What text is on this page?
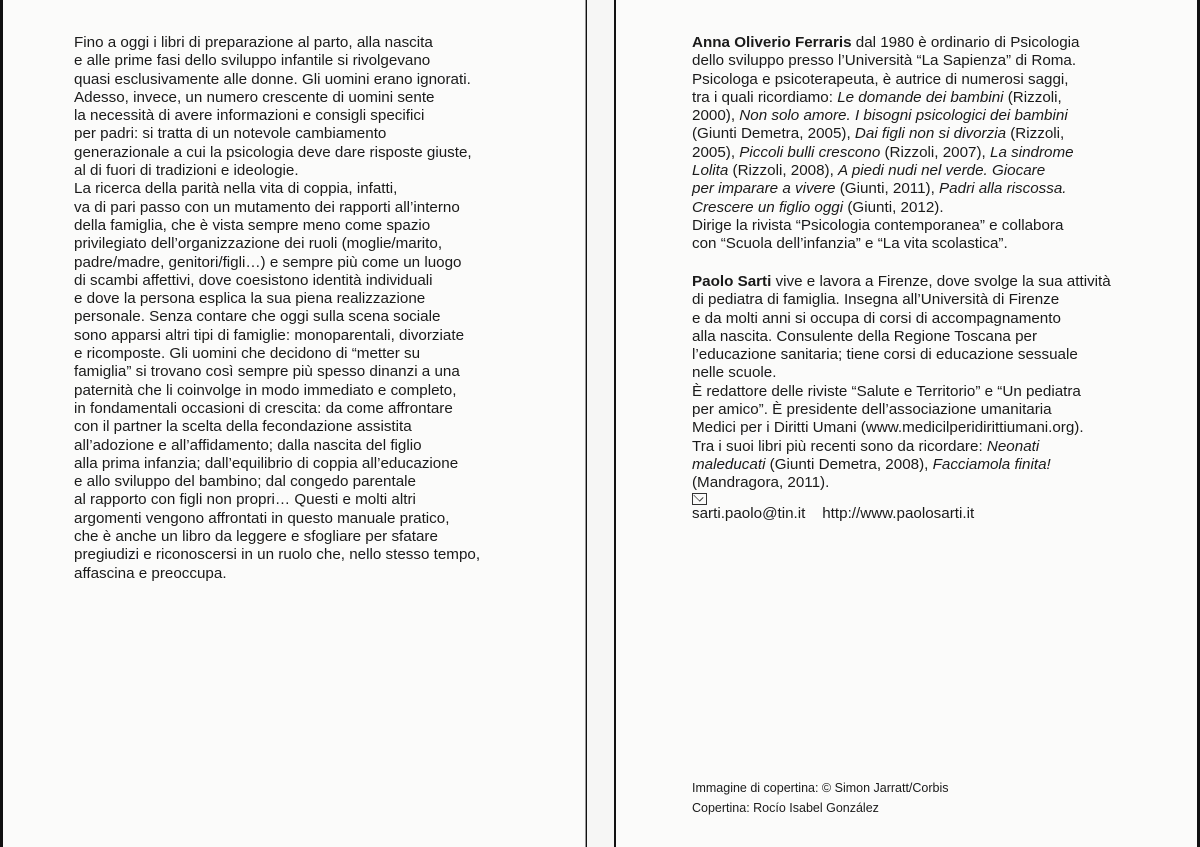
Fino a oggi i libri di preparazione al parto, alla nascita
e alle prime fasi dello sviluppo infantile si rivolgevano
quasi esclusivamente alle donne. Gli uomini erano ignorati.
Adesso, invece, un numero crescente di uomini sente
la necessità di avere informazioni e consigli specifici
per padri: si tratta di un notevole cambiamento
generazionale a cui la psicologia deve dare risposte giuste,
al di fuori di tradizioni e ideologie.
La ricerca della parità nella vita di coppia, infatti,
va di pari passo con un mutamento dei rapporti all’interno
della famiglia, che è vista sempre meno come spazio
privilegiato dell’organizzazione dei ruoli (moglie/marito,
padre/madre, genitori/figli…) e sempre più come un luogo
di scambi affettivi, dove coesistono identità individuali
e dove la persona esplica la sua piena realizzazione
personale. Senza contare che oggi sulla scena sociale
sono apparsi altri tipi di famiglie: monoparentali, divorziate
e ricomposte. Gli uomini che decidono di “metter su
famiglia” si trovano così sempre più spesso dinanzi a una
paternità che li coinvolge in modo immediato e completo,
in fondamentali occasioni di crescita: da come affrontare
con il partner la scelta della fecondazione assistita
all’adozione e all’affidamento; dalla nascita del figlio
alla prima infanzia; dall’equilibrio di coppia all’educazione
e allo sviluppo del bambino; dal congedo parentale
al rapporto con figli non propri… Questi e molti altri
argomenti vengono affrontati in questo manuale pratico,
che è anche un libro da leggere e sfogliare per sfatare
pregiudizi e riconoscersi in un ruolo che, nello stesso tempo,
affascina e preoccupa.

Anna Oliverio Ferraris dal 1980 è ordinario di Psicologia
dello sviluppo presso l’Università “La Sapienza” di Roma.
Psicologa e psicoterapeuta, è autrice di numerosi saggi,
tra i quali ricordiamo: Le domande dei bambini (Rizzoli,
2000), Non solo amore. I bisogni psicologici dei bambini
(Giunti Demetra, 2005), Dai figli non si divorzia (Rizzoli,
2005), Piccoli bulli crescono (Rizzoli, 2007), La sindrome
Lolita (Rizzoli, 2008), A piedi nudi nel verde. Giocare
per imparare a vivere (Giunti, 2011), Padri alla riscossa.
Crescere un figlio oggi (Giunti, 2012).
Dirige la rivista “Psicologia contemporanea” e collabora
con “Scuola dell’infanzia” e “La vita scolastica”.
Paolo Sarti vive e lavora a Firenze, dove svolge la sua attività
di pediatra di famiglia. Insegna all’Università di Firenze
e da molti anni si occupa di corsi di accompagnamento
alla nascita. Consulente della Regione Toscana per
l’educazione sanitaria; tiene corsi di educazione sessuale
nelle scuole.
È redattore delle riviste “Salute e Territorio” e “Un pediatra
per amico”. È presidente dell’associazione umanitaria
Medici per i Diritti Umani (www.medicilperidirittiumani.org).
Tra i suoi libri più recenti sono da ricordare: Neonati
maleducati (Giunti Demetra, 2008), Facciamola finita!
(Mandragora, 2011).
sarti.paolo@tin.it http://www.paolosarti.it
Immagine di copertina: © Simon Jarratt/Corbis
Copertina: Rocío Isabel González
